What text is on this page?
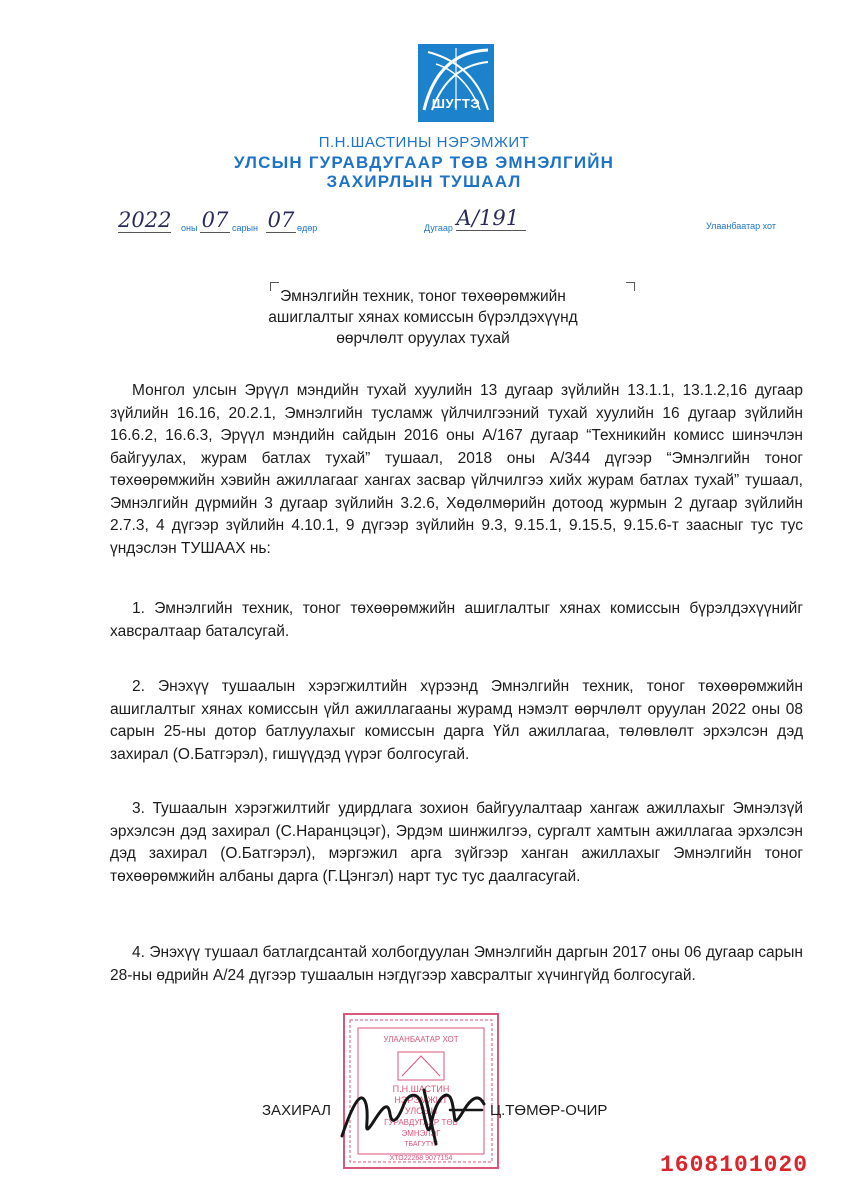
ШУГТЭ
П.Н.ШАСТИНЫ НЭРЭМЖИТ
УЛСЫН ГУРАВДУГААР ТӨВ ЭМНЭЛГИЙН
ЗАХИРЛЫН ТУШААЛ
2022	оны 07 сарын 07 өдөр	Дугаар А/191	Улаанбаатар хот
Эмнэлгийн техник, тоног төхөөрөмжийн ашиглалтыг хянах комиссын бүрэлдэхүүнд өөрчлөлт оруулах тухай
Монгол улсын Эрүүл мэндийн тухай хуулийн 13 дугаар зүйлийн 13.1.1, 13.1.2,16 дугаар зүйлийн 16.16, 20.2.1, Эмнэлгийн тусламж үйлчилгээний тухай хуулийн 16 дугаар зүйлийн 16.6.2, 16.6.3, Эрүүл мэндийн сайдын 2016 оны А/167 дугаар “Техникийн комисс шинэчлэн байгуулах, журам батлах тухай” тушаал, 2018 оны А/344 дүгээр “Эмнэлгийн тоног төхөөрөмжийн хэвийн ажиллагааг хангах засвар үйлчилгээ хийх журам батлах тухай” тушаал, Эмнэлгийн дүрмийн 3 дугаар зүйлийн 3.2.6, Хөдөлмөрийн дотоод журмын 2 дугаар зүйлийн 2.7.3, 4 дүгээр зүйлийн 4.10.1, 9 дүгээр зүйлийн 9.3, 9.15.1, 9.15.5, 9.15.6-т заасныг тус тус үндэслэн ТУШААХ нь:
1. Эмнэлгийн техник, тоног төхөөрөмжийн ашиглалтыг хянах комиссын бүрэлдэхүүнийг хавсралтаар баталсугай.
2. Энэхүү тушаалын хэрэгжилтийн хүрээнд Эмнэлгийн техник, тоног төхөөрөмжийн ашиглалтыг хянах комиссын үйл ажиллагааны журамд нэмэлт өөрчлөлт оруулан 2022 оны 08 сарын 25-ны дотор батлуулахыг комиссын дарга Үйл ажиллагаа, төлөвлөлт эрхэлсэн дэд захирал (О.Батгэрэл), гишүүдэд үүрэг болгосугай.
3. Тушаалын хэрэгжилтийг удирдлага зохион байгуулалтаар хангаж ажиллахыг Эмнэлзүй эрхэлсэн дэд захирал (С.Наранцэцэг), Эрдэм шинжилгээ, сургалт хамтын ажиллагаа эрхэлсэн дэд захирал (О.Батгэрэл), мэргэжил арга зүйгээр ханган ажиллахыг Эмнэлгийн тоног төхөөрөмжийн албаны дарга (Г.Цэнгэл) нарт тус тус даалгасугай.
4. Энэхүү тушаал батлагдсантай холбогдуулан Эмнэлгийн даргын 2017 оны 06 дугаар сарын 28-ны өдрийн А/24 дүгээр тушаалын нэгдүгээр хавсралтыг хүчингүйд болгосугай.
УЛААНБААТАР ХОТ
П.Н.ШАСТИН
НЭРЭМЖИТ
УЛСЫН
ГУРАВДУГААР ТӨВ
ЭМНЭЛЭГ
ТБАГУТҮГ
ХТО22268 9077154
ЗАХИРАЛ	Ц.ТӨМӨР-ОЧИР
1608101020
